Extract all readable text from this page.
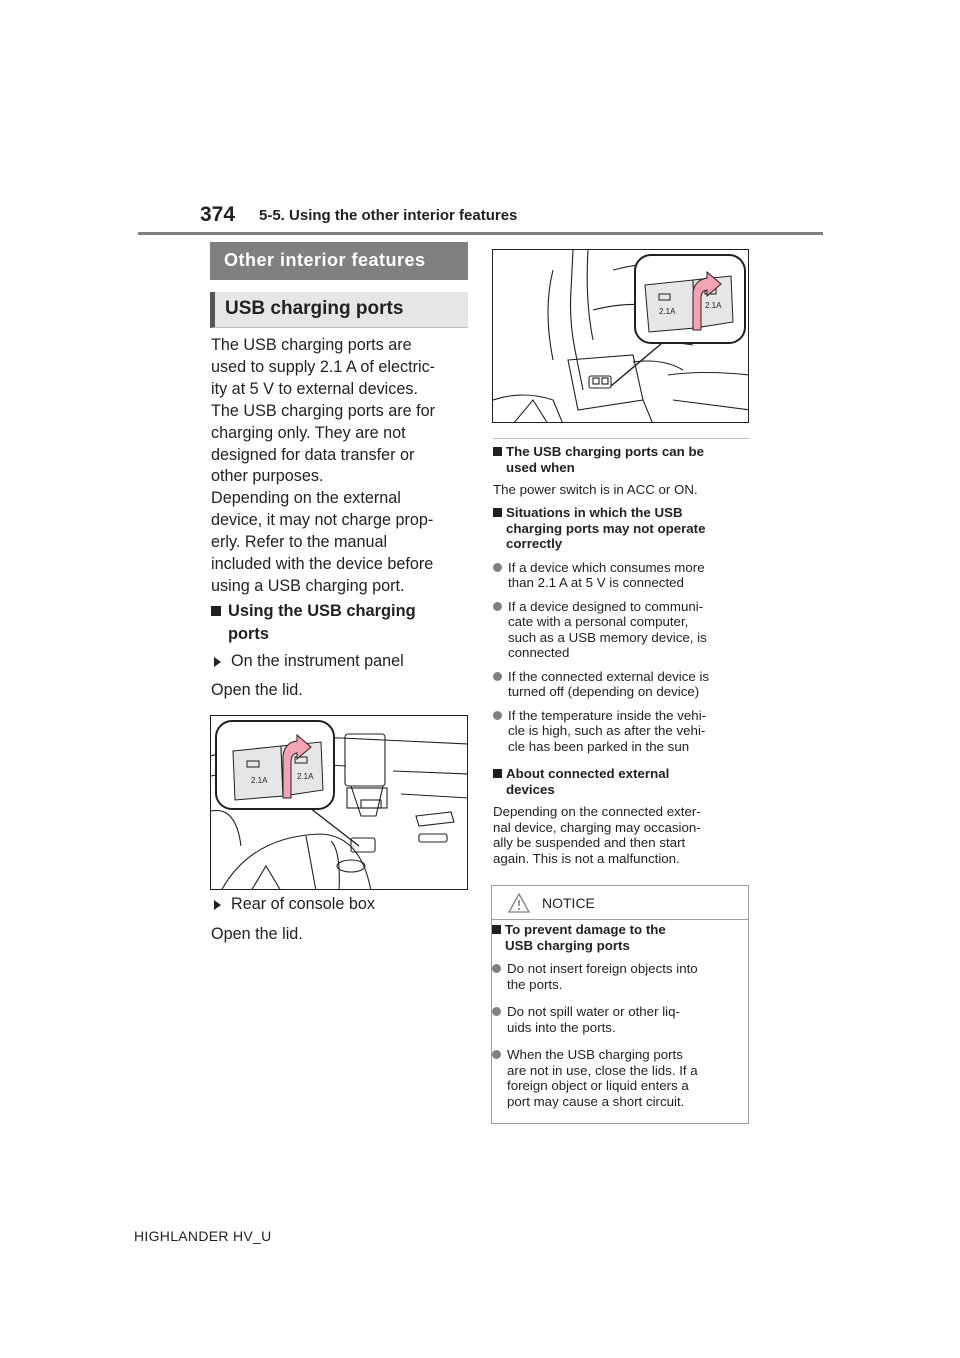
374 5-5. Using the other interior features
Other interior features
USB charging ports

The USB charging ports are

used to supply 2.1 A of electric-

ity at 5 V to external devices.

The USB charging ports are for

charging only. They are not

designed for data transfer or

other purposes.

Depending on the external

device, it may not charge prop-

erly. Refer to the manual

included with the device before

using a USB charging port.

Using the USB charging
ports
On the instrument panel
Open the lid.
2.1A	2.1A
Rear of console box
Open the lid.
2.1A
2.1A
The USB charging ports can be
used when
The power switch is in ACC or ON.
Situations in which the USB
charging ports may not operate
correctly
If a device which consumes more
than 2.1 A at 5 V is connected
If a device designed to communi-
cate with a personal computer,
such as a USB memory device, is
connected
If the connected external device is
turned off (depending on device)
If the temperature inside the vehi-
cle is high, such as after the vehi-
cle has been parked in the sun
About connected external
devices
Depending on the connected exter-
nal device, charging may occasion-
ally be suspended and then start
again. This is not a malfunction.
NOTICE
To prevent damage to the
USB charging ports
Do not insert foreign objects into
the ports.
Do not spill water or other liq-
uids into the ports.
When the USB charging ports
are not in use, close the lids. If a
foreign object or liquid enters a
port may cause a short circuit.
HIGHLANDER HV_U
